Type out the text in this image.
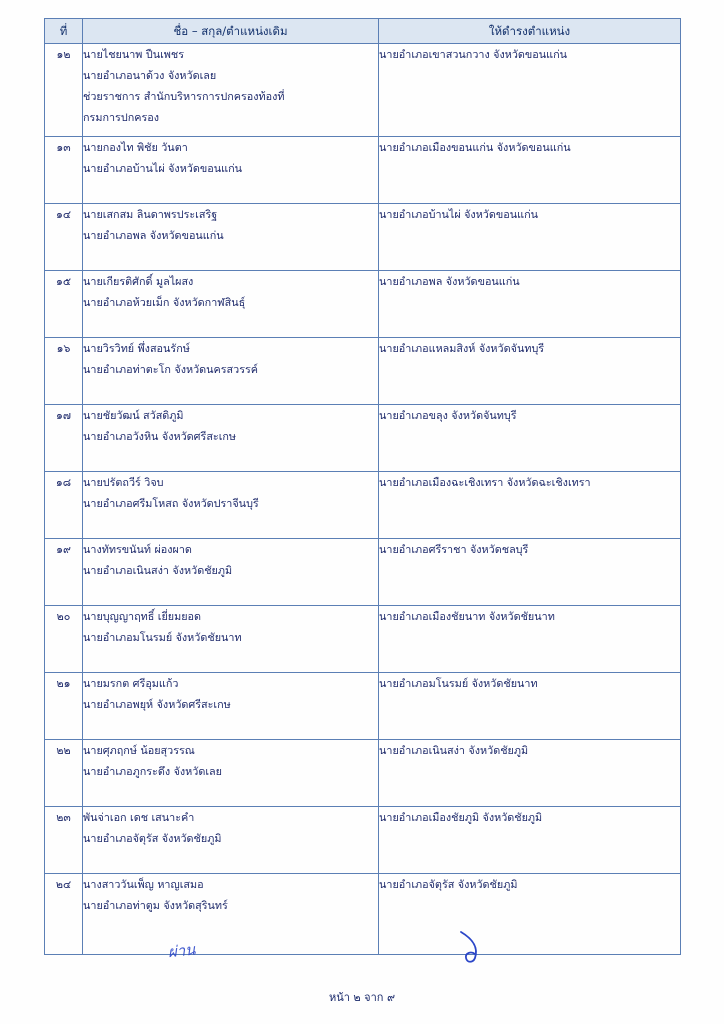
ที่	ชื่อ – สกุล/ตำแหน่งเดิม	ให้ดำรงตำแหน่ง
๑๒	นายไชยนาพ ปืนเพชร
นายอำเภอนาด้วง จังหวัดเลย
ช่วยราชการ สำนักบริหารการปกครองท้องที่
กรมการปกครอง	นายอำเภอเขาสวนกวาง จังหวัดขอนแก่น

๑๓	นายกองไท พิชัย วันตา
นายอำเภอบ้านไผ่ จังหวัดขอนแก่น	นายอำเภอเมืองขอนแก่น จังหวัดขอนแก่น

๑๔	นายเสกสม ลินดาพรประเสริฐ
นายอำเภอพล จังหวัดขอนแก่น	นายอำเภอบ้านไผ่ จังหวัดขอนแก่น

๑๕	นายเกียรติศักดิ์ มูลไผสง
นายอำเภอห้วยเม็ก จังหวัดกาฬสินธุ์	นายอำเภอพล จังหวัดขอนแก่น

๑๖	นายวิรวิทย์ พึ่งสอนรักษ์
นายอำเภอท่าตะโก จังหวัดนครสวรรค์	นายอำเภอแหลมสิงห์ จังหวัดจันทบุรี

๑๗	นายชัยวัฒน์ สวัสดิภูมิ
นายอำเภอวังหิน จังหวัดศรีสะเกษ	นายอำเภอขลุง จังหวัดจันทบุรี

๑๘	นายปรัตถวีร์ วิจบ
นายอำเภอศรีมโหสถ จังหวัดปราจีนบุรี	นายอำเภอเมืองฉะเชิงเทรา จังหวัดฉะเชิงเทรา

๑๙	นางทัทรขนันท์ ผ่องผาด
นายอำเภอเนินสง่า จังหวัดชัยภูมิ	นายอำเภอศรีราชา จังหวัดชลบุรี

๒๐	นายบุญญาฤทธิ์ เยี่ยมยอด
นายอำเภอมโนรมย์ จังหวัดชัยนาท	นายอำเภอเมืองชัยนาท จังหวัดชัยนาท

๒๑	นายมรกต ศรีอุมแก้ว
นายอำเภอพยุห์ จังหวัดศรีสะเกษ	นายอำเภอมโนรมย์ จังหวัดชัยนาท

๒๒	นายศุภฤกษ์ น้อยสุวรรณ
นายอำเภอภูกระดึง จังหวัดเลย	นายอำเภอเนินสง่า จังหวัดชัยภูมิ

๒๓	พันจ่าเอก เดช เสนาะคำ
นายอำเภอจัตุรัส จังหวัดชัยภูมิ	นายอำเภอเมืองชัยภูมิ จังหวัดชัยภูมิ

๒๔	นางสาววันเพ็ญ หาญเสมอ
นายอำเภอท่าตูม จังหวัดสุรินทร์	นายอำเภอจัตุรัส จังหวัดชัยภูมิ
ผ่าน
หน้า ๒ จาก ๙
